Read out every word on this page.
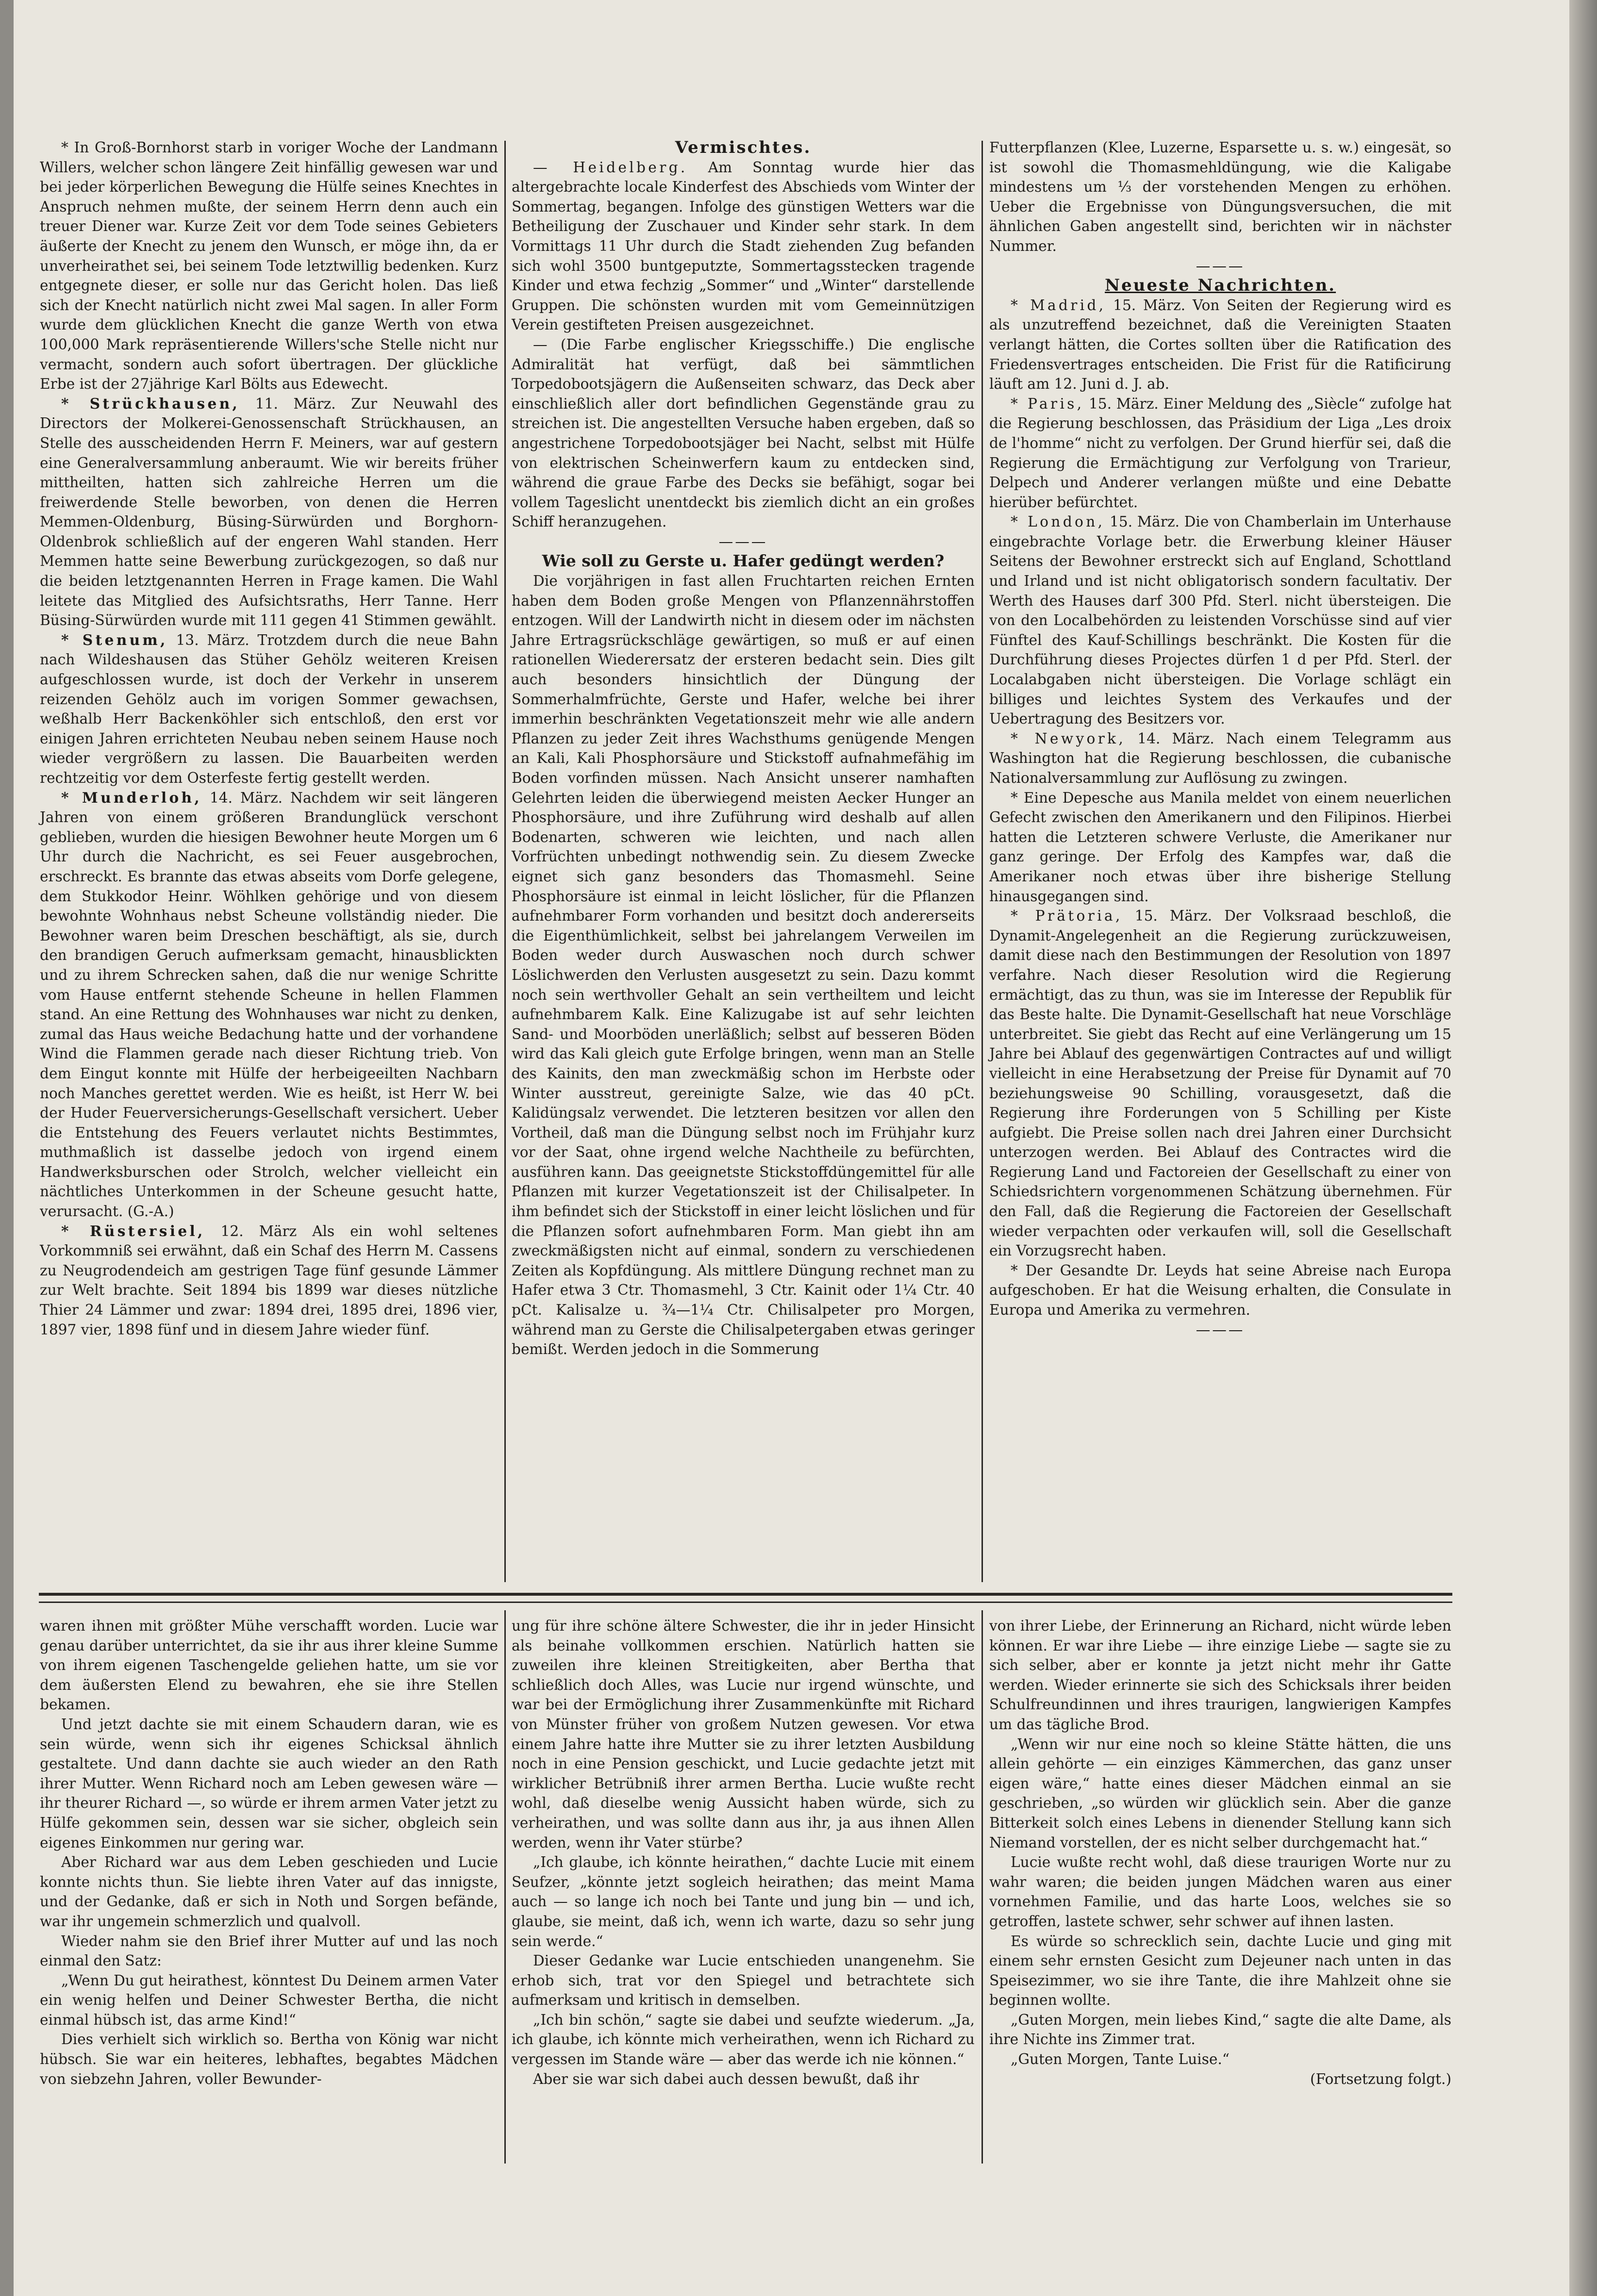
* In Groß-Bornhorst starb in voriger Woche der Landmann Willers, welcher schon längere Zeit hinfällig gewesen war und bei jeder körperlichen Bewegung die Hülfe seines Knechtes in Anspruch nehmen mußte, der seinem Herrn denn auch ein treuer Diener war. Kurze Zeit vor dem Tode seines Gebieters äußerte der Knecht zu jenem den Wunsch, er möge ihn, da er unverheirathet sei, bei seinem Tode letztwillig bedenken. Kurz entgegnete dieser, er solle nur das Gericht holen. Das ließ sich der Knecht natürlich nicht zwei Mal sagen. In aller Form wurde dem glücklichen Knecht die ganze Werth von etwa 100,000 Mark repräsentierende Willers'sche Stelle nicht nur vermacht, sondern auch sofort übertragen. Der glückliche Erbe ist der 27jährige Karl Bölts aus Edewecht.

* Strückhausen, 11. März. Zur Neuwahl des Directors der Molkerei-Genossenschaft Strückhausen, an Stelle des ausscheidenden Herrn F. Meiners, war auf gestern eine Generalversammlung anberaumt. Wie wir bereits früher mittheilten, hatten sich zahlreiche Herren um die freiwerdende Stelle beworben, von denen die Herren Memmen-Oldenburg, Büsing-Sürwürden und Borghorn-Oldenbrok schließlich auf der engeren Wahl standen. Herr Memmen hatte seine Bewerbung zurückgezogen, so daß nur die beiden letztgenannten Herren in Frage kamen. Die Wahl leitete das Mitglied des Aufsichtsraths, Herr Tanne. Herr Büsing-Sürwürden wurde mit 111 gegen 41 Stimmen gewählt.

* Stenum, 13. März. Trotzdem durch die neue Bahn nach Wildeshausen das Stüher Gehölz weiteren Kreisen aufgeschlossen wurde, ist doch der Verkehr in unserem reizenden Gehölz auch im vorigen Sommer gewachsen, weßhalb Herr Backenköhler sich entschloß, den erst vor einigen Jahren errichteten Neubau neben seinem Hause noch wieder vergrößern zu lassen. Die Bauarbeiten werden rechtzeitig vor dem Osterfeste fertig gestellt werden.

* Munderloh, 14. März. Nachdem wir seit längeren Jahren von einem größeren Brandunglück verschont geblieben, wurden die hiesigen Bewohner heute Morgen um 6 Uhr durch die Nachricht, es sei Feuer ausgebrochen, erschreckt. Es brannte das etwas abseits vom Dorfe gelegene, dem Stukkodor Heinr. Wöhlken gehörige und von diesem bewohnte Wohnhaus nebst Scheune vollständig nieder. Die Bewohner waren beim Dreschen beschäftigt, als sie, durch den brandigen Geruch aufmerksam gemacht, hinausblickten und zu ihrem Schrecken sahen, daß die nur wenige Schritte vom Hause entfernt stehende Scheune in hellen Flammen stand. An eine Rettung des Wohnhauses war nicht zu denken, zumal das Haus weiche Bedachung hatte und der vorhandene Wind die Flammen gerade nach dieser Richtung trieb. Von dem Eingut konnte mit Hülfe der herbeigeeilten Nachbarn noch Manches gerettet werden. Wie es heißt, ist Herr W. bei der Huder Feuerversicherungs-Gesellschaft versichert. Ueber die Entstehung des Feuers verlautet nichts Bestimmtes, muthmaßlich ist dasselbe jedoch von irgend einem Handwerksburschen oder Strolch, welcher vielleicht ein nächtliches Unterkommen in der Scheune gesucht hatte, verursacht. (G.-A.)

* Rüstersiel, 12. März Als ein wohl seltenes Vorkommniß sei erwähnt, daß ein Schaf des Herrn M. Cassens zu Neugrodendeich am gestrigen Tage fünf gesunde Lämmer zur Welt brachte. Seit 1894 bis 1899 war dieses nützliche Thier 24 Lämmer und zwar: 1894 drei, 1895 drei, 1896 vier, 1897 vier, 1898 fünf und in diesem Jahre wieder fünf.

Vermischtes.

— Heidelberg. Am Sonntag wurde hier das altergebrachte locale Kinderfest des Abschieds vom Winter der Sommertag, begangen. Infolge des günstigen Wetters war die Betheiligung der Zuschauer und Kinder sehr stark. In dem Vormittags 11 Uhr durch die Stadt ziehenden Zug befanden sich wohl 3500 buntgeputzte, Sommertagsstecken tragende Kinder und etwa fechzig „Sommer“ und „Winter“ darstellende Gruppen. Die schönsten wurden mit vom Gemeinnützigen Verein gestifteten Preisen ausgezeichnet.

— (Die Farbe englischer Kriegsschiffe.) Die englische Admiralität hat verfügt, daß bei sämmtlichen Torpedobootsjägern die Außenseiten schwarz, das Deck aber einschließlich aller dort befindlichen Gegenstände grau zu streichen ist. Die angestellten Versuche haben ergeben, daß so angestrichene Torpedobootsjäger bei Nacht, selbst mit Hülfe von elektrischen Scheinwerfern kaum zu entdecken sind, während die graue Farbe des Decks sie befähigt, sogar bei vollem Tageslicht unentdeckt bis ziemlich dicht an ein großes Schiff heranzugehen.

———

Wie soll zu Gerste u. Hafer gedüngt werden?

Die vorjährigen in fast allen Fruchtarten reichen Ernten haben dem Boden große Mengen von Pflanzennährstoffen entzogen. Will der Landwirth nicht in diesem oder im nächsten Jahre Ertragsrückschläge gewärtigen, so muß er auf einen rationellen Wiederersatz der ersteren bedacht sein. Dies gilt auch besonders hinsichtlich der Düngung der Sommerhalmfrüchte, Gerste und Hafer, welche bei ihrer immerhin beschränkten Vegetationszeit mehr wie alle andern Pflanzen zu jeder Zeit ihres Wachsthums genügende Mengen an Kali, Kali Phosphorsäure und Stickstoff aufnahmefähig im Boden vorfinden müssen. Nach Ansicht unserer namhaften Gelehrten leiden die überwiegend meisten Aecker Hunger an Phosphorsäure, und ihre Zuführung wird deshalb auf allen Bodenarten, schweren wie leichten, und nach allen Vorfrüchten unbedingt nothwendig sein. Zu diesem Zwecke eignet sich ganz besonders das Thomasmehl. Seine Phosphorsäure ist einmal in leicht löslicher, für die Pflanzen aufnehmbarer Form vorhanden und besitzt doch andererseits die Eigenthümlichkeit, selbst bei jahrelangem Verweilen im Boden weder durch Auswaschen noch durch schwer Löslichwerden den Verlusten ausgesetzt zu sein. Dazu kommt noch sein werthvoller Gehalt an sein vertheiltem und leicht aufnehmbarem Kalk. Eine Kalizugabe ist auf sehr leichten Sand- und Moorböden unerläßlich; selbst auf besseren Böden wird das Kali gleich gute Erfolge bringen, wenn man an Stelle des Kainits, den man zweckmäßig schon im Herbste oder Winter ausstreut, gereinigte Salze, wie das 40 pCt. Kalidüngsalz verwendet. Die letzteren besitzen vor allen den Vortheil, daß man die Düngung selbst noch im Frühjahr kurz vor der Saat, ohne irgend welche Nachtheile zu befürchten, ausführen kann. Das geeignetste Stickstoffdüngemittel für alle Pflanzen mit kurzer Vegetationszeit ist der Chilisalpeter. In ihm befindet sich der Stickstoff in einer leicht löslichen und für die Pflanzen sofort aufnehmbaren Form. Man giebt ihn am zweckmäßigsten nicht auf einmal, sondern zu verschiedenen Zeiten als Kopfdüngung. Als mittlere Düngung rechnet man zu Hafer etwa 3 Ctr. Thomasmehl, 3 Ctr. Kainit oder 1¼ Ctr. 40 pCt. Kalisalze u. ¾—1¼ Ctr. Chilisalpeter pro Morgen, während man zu Gerste die Chilisalpetergaben etwas geringer bemißt. Werden jedoch in die Sommerung

Futterpflanzen (Klee, Luzerne, Esparsette u. s. w.) eingesät, so ist sowohl die Thomasmehldüngung, wie die Kaligabe mindestens um ⅓ der vorstehenden Mengen zu erhöhen. Ueber die Ergebnisse von Düngungsversuchen, die mit ähnlichen Gaben angestellt sind, berichten wir in nächster Nummer.

———

Neueste Nachrichten.

* Madrid, 15. März. Von Seiten der Regierung wird es als unzutreffend bezeichnet, daß die Vereinigten Staaten verlangt hätten, die Cortes sollten über die Ratification des Friedensvertrages entscheiden. Die Frist für die Ratificirung läuft am 12. Juni d. J. ab.

* Paris, 15. März. Einer Meldung des „Siècle“ zufolge hat die Regierung beschlossen, das Präsidium der Liga „Les droix de l'homme“ nicht zu verfolgen. Der Grund hierfür sei, daß die Regierung die Ermächtigung zur Verfolgung von Trarieur, Delpech und Anderer verlangen müßte und eine Debatte hierüber befürchtet.

* London, 15. März. Die von Chamberlain im Unterhause eingebrachte Vorlage betr. die Erwerbung kleiner Häuser Seitens der Bewohner erstreckt sich auf England, Schottland und Irland und ist nicht obligatorisch sondern facultativ. Der Werth des Hauses darf 300 Pfd. Sterl. nicht übersteigen. Die von den Localbehörden zu leistenden Vorschüsse sind auf vier Fünftel des Kauf-Schillings beschränkt. Die Kosten für die Durchführung dieses Projectes dürfen 1 d per Pfd. Sterl. der Localabgaben nicht übersteigen. Die Vorlage schlägt ein billiges und leichtes System des Verkaufes und der Uebertragung des Besitzers vor.

* Newyork, 14. März. Nach einem Telegramm aus Washington hat die Regierung beschlossen, die cubanische Nationalversammlung zur Auflösung zu zwingen.

* Eine Depesche aus Manila meldet von einem neuerlichen Gefecht zwischen den Amerikanern und den Filipinos. Hierbei hatten die Letzteren schwere Verluste, die Amerikaner nur ganz geringe. Der Erfolg des Kampfes war, daß die Amerikaner noch etwas über ihre bisherige Stellung hinausgegangen sind.

* Prätoria, 15. März. Der Volksraad beschloß, die Dynamit-Angelegenheit an die Regierung zurückzuweisen, damit diese nach den Bestimmungen der Resolution von 1897 verfahre. Nach dieser Resolution wird die Regierung ermächtigt, das zu thun, was sie im Interesse der Republik für das Beste halte. Die Dynamit-Gesellschaft hat neue Vorschläge unterbreitet. Sie giebt das Recht auf eine Verlängerung um 15 Jahre bei Ablauf des gegenwärtigen Contractes auf und willigt vielleicht in eine Herabsetzung der Preise für Dynamit auf 70 beziehungsweise 90 Schilling, vorausgesetzt, daß die Regierung ihre Forderungen von 5 Schilling per Kiste aufgiebt. Die Preise sollen nach drei Jahren einer Durchsicht unterzogen werden. Bei Ablauf des Contractes wird die Regierung Land und Factoreien der Gesellschaft zu einer von Schiedsrichtern vorgenommenen Schätzung übernehmen. Für den Fall, daß die Regierung die Factoreien der Gesellschaft wieder verpachten oder verkaufen will, soll die Gesellschaft ein Vorzugsrecht haben.

* Der Gesandte Dr. Leyds hat seine Abreise nach Europa aufgeschoben. Er hat die Weisung erhalten, die Consulate in Europa und Amerika zu vermehren.

———

waren ihnen mit größter Mühe verschafft worden. Lucie war genau darüber unterrichtet, da sie ihr aus ihrer kleine Summe von ihrem eigenen Taschengelde geliehen hatte, um sie vor dem äußersten Elend zu bewahren, ehe sie ihre Stellen bekamen.

Und jetzt dachte sie mit einem Schaudern daran, wie es sein würde, wenn sich ihr eigenes Schicksal ähnlich gestaltete. Und dann dachte sie auch wieder an den Rath ihrer Mutter. Wenn Richard noch am Leben gewesen wäre — ihr theurer Richard —, so würde er ihrem armen Vater jetzt zu Hülfe gekommen sein, dessen war sie sicher, obgleich sein eigenes Einkommen nur gering war.

Aber Richard war aus dem Leben geschieden und Lucie konnte nichts thun. Sie liebte ihren Vater auf das innigste, und der Gedanke, daß er sich in Noth und Sorgen befände, war ihr ungemein schmerzlich und qualvoll.

Wieder nahm sie den Brief ihrer Mutter auf und las noch einmal den Satz:

„Wenn Du gut heirathest, könntest Du Deinem armen Vater ein wenig helfen und Deiner Schwester Bertha, die nicht einmal hübsch ist, das arme Kind!“

Dies verhielt sich wirklich so. Bertha von König war nicht hübsch. Sie war ein heiteres, lebhaftes, begabtes Mädchen von siebzehn Jahren, voller Bewunder-

ung für ihre schöne ältere Schwester, die ihr in jeder Hinsicht als beinahe vollkommen erschien. Natürlich hatten sie zuweilen ihre kleinen Streitigkeiten, aber Bertha that schließlich doch Alles, was Lucie nur irgend wünschte, und war bei der Ermöglichung ihrer Zusammenkünfte mit Richard von Münster früher von großem Nutzen gewesen. Vor etwa einem Jahre hatte ihre Mutter sie zu ihrer letzten Ausbildung noch in eine Pension geschickt, und Lucie gedachte jetzt mit wirklicher Betrübniß ihrer armen Bertha. Lucie wußte recht wohl, daß dieselbe wenig Aussicht haben würde, sich zu verheirathen, und was sollte dann aus ihr, ja aus ihnen Allen werden, wenn ihr Vater stürbe?

„Ich glaube, ich könnte heirathen,“ dachte Lucie mit einem Seufzer, „könnte jetzt sogleich heirathen; das meint Mama auch — so lange ich noch bei Tante und jung bin — und ich, glaube, sie meint, daß ich, wenn ich warte, dazu so sehr jung sein werde.“

Dieser Gedanke war Lucie entschieden unangenehm. Sie erhob sich, trat vor den Spiegel und betrachtete sich aufmerksam und kritisch in demselben.

„Ich bin schön,“ sagte sie dabei und seufzte wiederum. „Ja, ich glaube, ich könnte mich verheirathen, wenn ich Richard zu vergessen im Stande wäre — aber das werde ich nie können.“

Aber sie war sich dabei auch dessen bewußt, daß ihr

von ihrer Liebe, der Erinnerung an Richard, nicht würde leben können. Er war ihre Liebe — ihre einzige Liebe — sagte sie zu sich selber, aber er konnte ja jetzt nicht mehr ihr Gatte werden. Wieder erinnerte sie sich des Schicksals ihrer beiden Schulfreundinnen und ihres traurigen, langwierigen Kampfes um das tägliche Brod.

„Wenn wir nur eine noch so kleine Stätte hätten, die uns allein gehörte — ein einziges Kämmerchen, das ganz unser eigen wäre,“ hatte eines dieser Mädchen einmal an sie geschrieben, „so würden wir glücklich sein. Aber die ganze Bitterkeit solch eines Lebens in dienender Stellung kann sich Niemand vorstellen, der es nicht selber durchgemacht hat.“

Lucie wußte recht wohl, daß diese traurigen Worte nur zu wahr waren; die beiden jungen Mädchen waren aus einer vornehmen Familie, und das harte Loos, welches sie so getroffen, lastete schwer, sehr schwer auf ihnen lasten.

Es würde so schrecklich sein, dachte Lucie und ging mit einem sehr ernsten Gesicht zum Dejeuner nach unten in das Speisezimmer, wo sie ihre Tante, die ihre Mahlzeit ohne sie beginnen wollte.

„Guten Morgen, mein liebes Kind,“ sagte die alte Dame, als ihre Nichte ins Zimmer trat.

„Guten Morgen, Tante Luise.“

(Fortsetzung folgt.)
